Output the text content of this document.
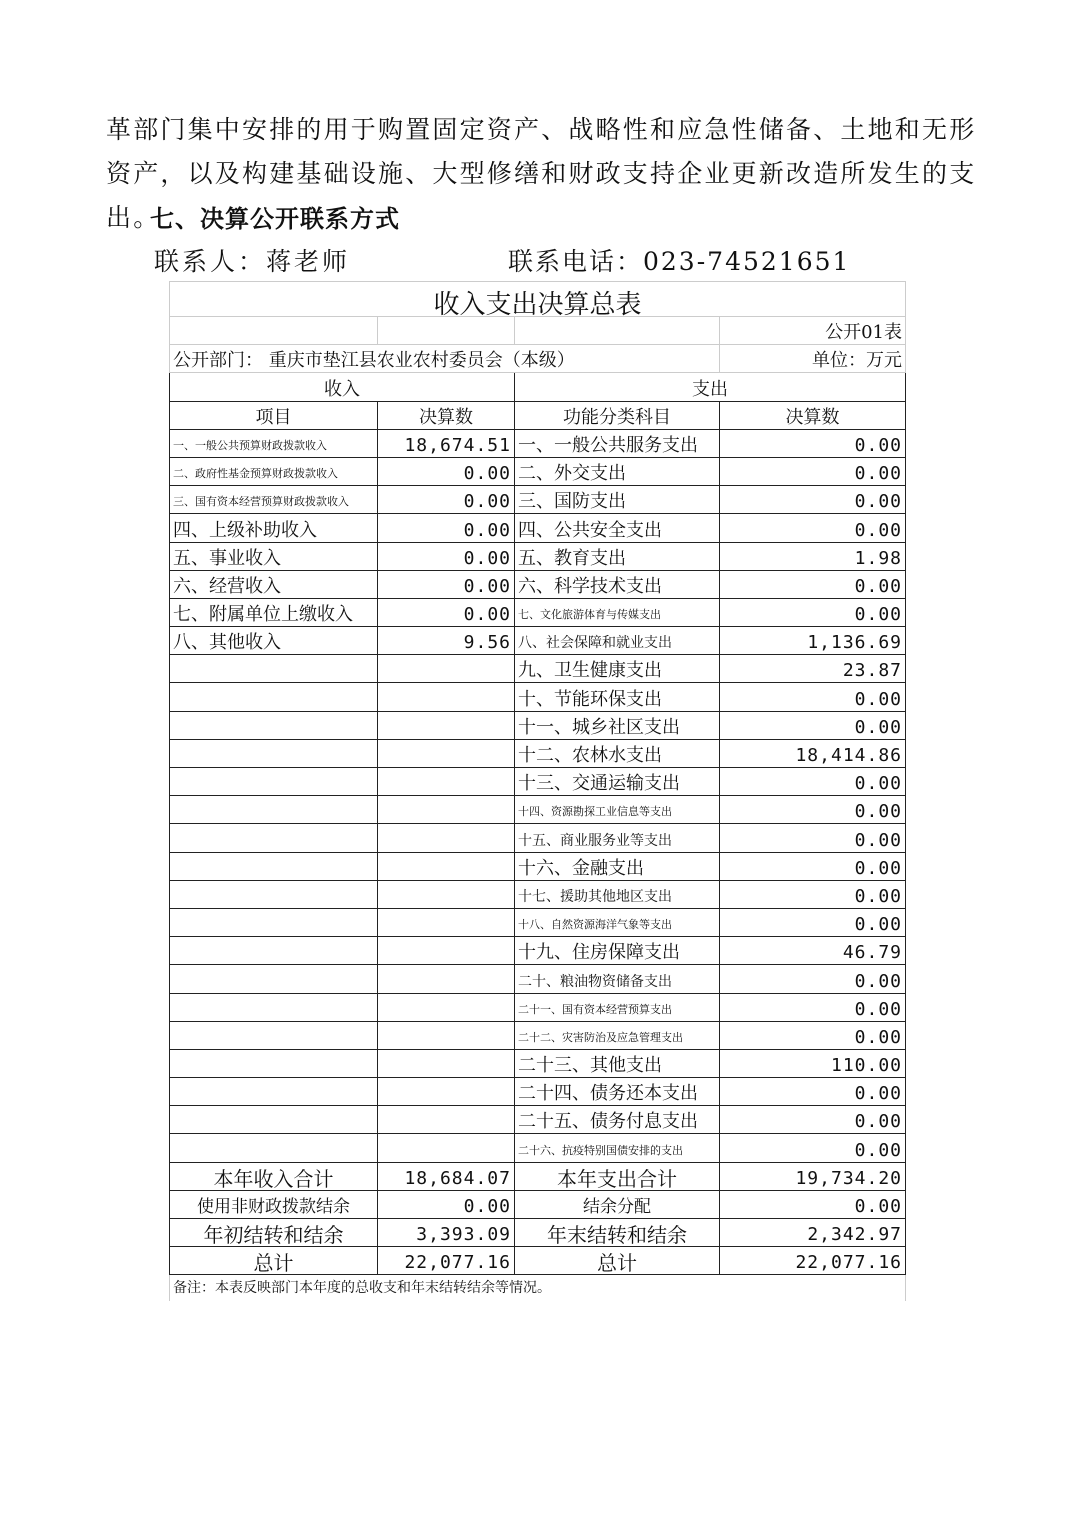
革部门集中安排的用于购置固定资产、战略性和应急性储备、土地和无形资产，以及构建基础设施、大型修缮和财政支持企业更新改造所发生的支出。
七、决算公开联系方式
联系人：蒋老师	联系电话：023-74521651
收入支出决算总表			
			公开01表
公开部门： 重庆市垫江县农业农村委员会（本级）			单位：万元
收入		支出	
项目	决算数	功能分类科目	决算数
一、一般公共预算财政拨款收入	18,674.51	一、一般公共服务支出	0.00
二、政府性基金预算财政拨款收入	0.00	二、外交支出	0.00
三、国有资本经营预算财政拨款收入	0.00	三、国防支出	0.00
四、上级补助收入	0.00	四、公共安全支出	0.00
五、事业收入	0.00	五、教育支出	1.98
六、经营收入	0.00	六、科学技术支出	0.00
七、附属单位上缴收入	0.00	七、文化旅游体育与传媒支出	0.00
八、其他收入	9.56	八、社会保障和就业支出	1,136.69
		九、卫生健康支出	23.87
		十、节能环保支出	0.00
		十一、城乡社区支出	0.00
		十二、农林水支出	18,414.86
		十三、交通运输支出	0.00
		十四、资源勘探工业信息等支出	0.00
		十五、商业服务业等支出	0.00
		十六、金融支出	0.00
		十七、援助其他地区支出	0.00
		十八、自然资源海洋气象等支出	0.00
		十九、住房保障支出	46.79
		二十、粮油物资储备支出	0.00
		二十一、国有资本经营预算支出	0.00
		二十二、灾害防治及应急管理支出	0.00
		二十三、其他支出	110.00
		二十四、债务还本支出	0.00
		二十五、债务付息支出	0.00
		二十六、抗疫特别国债安排的支出	0.00
本年收入合计	18,684.07	本年支出合计	19,734.20
使用非财政拨款结余	0.00	结余分配	0.00
年初结转和结余	3,393.09	年末结转和结余	2,342.97
总计	22,077.16	总计	22,077.16
备注：本表反映部门本年度的总收支和年末结转结余等情况。			
